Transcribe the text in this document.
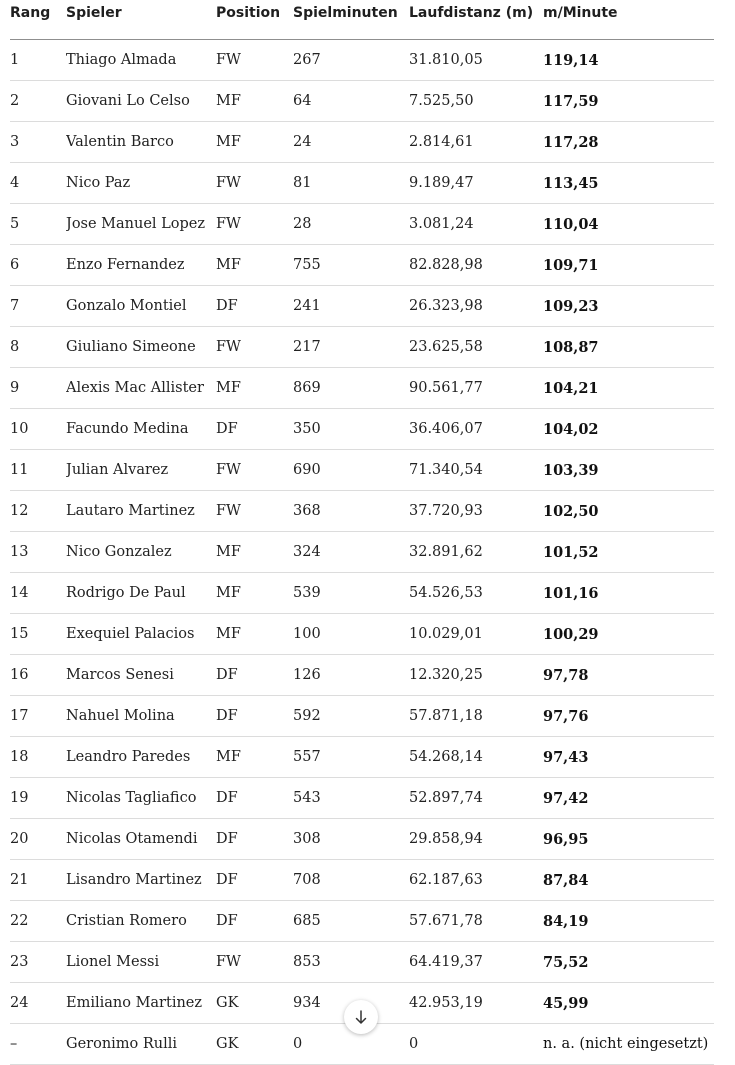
Rang	Spieler	Position	Spielminuten	Laufdistanz (m)	m/Minute
1	Thiago Almada	FW	267	31.810,05	119,14
2	Giovani Lo Celso	MF	64	7.525,50	117,59
3	Valentin Barco	MF	24	2.814,61	117,28
4	Nico Paz	FW	81	9.189,47	113,45
5	Jose Manuel Lopez	FW	28	3.081,24	110,04
6	Enzo Fernandez	MF	755	82.828,98	109,71
7	Gonzalo Montiel	DF	241	26.323,98	109,23
8	Giuliano Simeone	FW	217	23.625,58	108,87
9	Alexis Mac Allister	MF	869	90.561,77	104,21
10	Facundo Medina	DF	350	36.406,07	104,02
11	Julian Alvarez	FW	690	71.340,54	103,39
12	Lautaro Martinez	FW	368	37.720,93	102,50
13	Nico Gonzalez	MF	324	32.891,62	101,52
14	Rodrigo De Paul	MF	539	54.526,53	101,16
15	Exequiel Palacios	MF	100	10.029,01	100,29
16	Marcos Senesi	DF	126	12.320,25	97,78
17	Nahuel Molina	DF	592	57.871,18	97,76
18	Leandro Paredes	MF	557	54.268,14	97,43
19	Nicolas Tagliafico	DF	543	52.897,74	97,42
20	Nicolas Otamendi	DF	308	29.858,94	96,95
21	Lisandro Martinez	DF	708	62.187,63	87,84
22	Cristian Romero	DF	685	57.671,78	84,19
23	Lionel Messi	FW	853	64.419,37	75,52
24	Emiliano Martinez	GK	934	42.953,19	45,99
–	Geronimo Rulli	GK	0	0	n. a. (nicht eingesetzt)
